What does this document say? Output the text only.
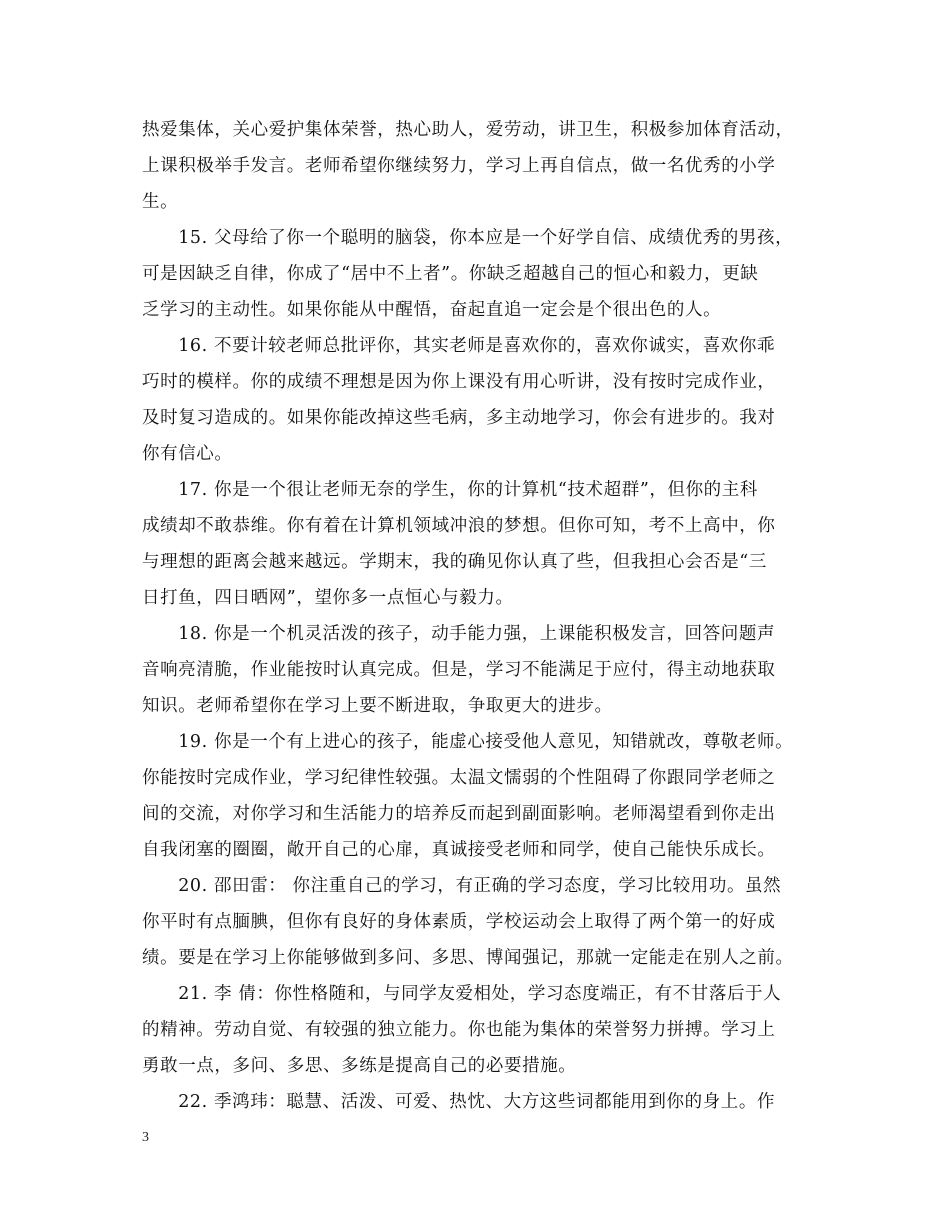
热爱集体，关心爱护集体荣誉，热心助人，爱劳动，讲卫生，积极参加体育活动，
上课积极举手发言。老师希望你继续努力，学习上再自信点，做一名优秀的小学
生。
　　15. 父母给了你一个聪明的脑袋，你本应是一个好学自信、成绩优秀的男孩，
可是因缺乏自律，你成了“居中不上者”。你缺乏超越自己的恒心和毅力，更缺
乏学习的主动性。如果你能从中醒悟，奋起直追一定会是个很出色的人。
　　16. 不要计较老师总批评你，其实老师是喜欢你的，喜欢你诚实，喜欢你乖
巧时的模样。你的成绩不理想是因为你上课没有用心听讲，没有按时完成作业，
及时复习造成的。如果你能改掉这些毛病，多主动地学习，你会有进步的。我对
你有信心。
　　17. 你是一个很让老师无奈的学生，你的计算机“技术超群”，但你的主科
成绩却不敢恭维。你有着在计算机领域冲浪的梦想。但你可知，考不上高中，你
与理想的距离会越来越远。学期末，我的确见你认真了些，但我担心会否是“三
日打鱼，四日晒网”，望你多一点恒心与毅力。
　　18. 你是一个机灵活泼的孩子，动手能力强，上课能积极发言，回答问题声
音响亮清脆，作业能按时认真完成。但是，学习不能满足于应付，得主动地获取
知识。老师希望你在学习上要不断进取，争取更大的进步。
　　19. 你是一个有上进心的孩子，能虚心接受他人意见，知错就改，尊敬老师。
你能按时完成作业，学习纪律性较强。太温文懦弱的个性阻碍了你跟同学老师之
间的交流，对你学习和生活能力的培养反而起到副面影响。老师渴望看到你走出
自我闭塞的圈圈，敞开自己的心扉，真诚接受老师和同学，使自己能快乐成长。
　　20. 邵田雷： 你注重自己的学习，有正确的学习态度，学习比较用功。虽然
你平时有点腼腆，但你有良好的身体素质，学校运动会上取得了两个第一的好成
绩。要是在学习上你能够做到多问、多思、博闻强记，那就一定能走在别人之前。
　　21. 李 倩：你性格随和，与同学友爱相处，学习态度端正，有不甘落后于人
的精神。劳动自觉、有较强的独立能力。你也能为集体的荣誉努力拼搏。学习上
勇敢一点，多问、多思、多练是提高自己的必要措施。
　　22. 季鸿玮：聪慧、活泼、可爱、热忱、大方这些词都能用到你的身上。作
3
